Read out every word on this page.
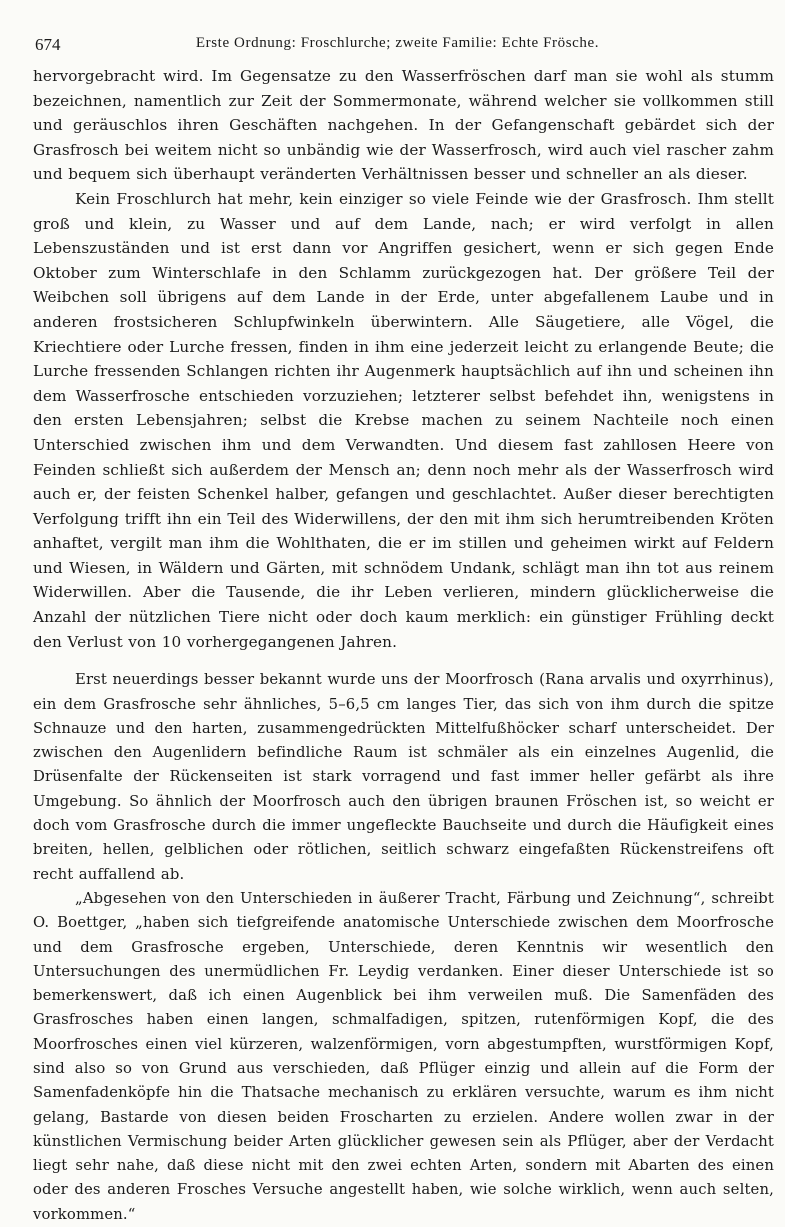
674	Erste Ordnung: Froschlurche; zweite Familie: Echte Frösche.

hervorgebracht wird. Im Gegensatze zu den Wasserfröschen darf man sie wohl als stumm bezeichnen, namentlich zur Zeit der Sommermonate, während welcher sie vollkommen still und geräuschlos ihren Geschäften nachgehen. In der Gefangenschaft gebärdet sich der Grasfrosch bei weitem nicht so unbändig wie der Wasserfrosch, wird auch viel rascher zahm und bequem sich überhaupt veränderten Verhältnissen besser und schneller an als dieser.

Kein Froschlurch hat mehr, kein einziger so viele Feinde wie der Grasfrosch. Ihm stellt groß und klein, zu Wasser und auf dem Lande, nach; er wird verfolgt in allen Lebenszuständen und ist erst dann vor Angriffen gesichert, wenn er sich gegen Ende Oktober zum Winterschlafe in den Schlamm zurückgezogen hat. Der größere Teil der Weibchen soll übrigens auf dem Lande in der Erde, unter abgefallenem Laube und in anderen frostsicheren Schlupfwinkeln überwintern. Alle Säugetiere, alle Vögel, die Kriechtiere oder Lurche fressen, finden in ihm eine jederzeit leicht zu erlangende Beute; die Lurche fressenden Schlangen richten ihr Augenmerk hauptsächlich auf ihn und scheinen ihn dem Wasserfrosche entschieden vorzuziehen; letzterer selbst befehdet ihn, wenigstens in den ersten Lebensjahren; selbst die Krebse machen zu seinem Nachteile noch einen Unterschied zwischen ihm und dem Verwandten. Und diesem fast zahllosen Heere von Feinden schließt sich außerdem der Mensch an; denn noch mehr als der Wasserfrosch wird auch er, der feisten Schenkel halber, gefangen und geschlachtet. Außer dieser berechtigten Verfolgung trifft ihn ein Teil des Widerwillens, der den mit ihm sich herumtreibenden Kröten anhaftet, vergilt man ihm die Wohlthaten, die er im stillen und geheimen wirkt auf Feldern und Wiesen, in Wäldern und Gärten, mit schnödem Undank, schlägt man ihn tot aus reinem Widerwillen. Aber die Tausende, die ihr Leben verlieren, mindern glücklicherweise die Anzahl der nützlichen Tiere nicht oder doch kaum merklich: ein günstiger Frühling deckt den Verlust von 10 vorhergegangenen Jahren.

Erst neuerdings besser bekannt wurde uns der Moorfrosch (Rana arvalis und oxyrrhinus), ein dem Grasfrosche sehr ähnliches, 5–6,5 cm langes Tier, das sich von ihm durch die spitze Schnauze und den harten, zusammengedrückten Mittelfußhöcker scharf unterscheidet. Der zwischen den Augenlidern befindliche Raum ist schmäler als ein einzelnes Augenlid, die Drüsenfalte der Rückenseiten ist stark vorragend und fast immer heller gefärbt als ihre Umgebung. So ähnlich der Moorfrosch auch den übrigen braunen Fröschen ist, so weicht er doch vom Grasfrosche durch die immer ungefleckte Bauchseite und durch die Häufigkeit eines breiten, hellen, gelblichen oder rötlichen, seitlich schwarz eingefaßten Rückenstreifens oft recht auffallend ab.

„Abgesehen von den Unterschieden in äußerer Tracht, Färbung und Zeichnung“, schreibt O. Boettger, „haben sich tiefgreifende anatomische Unterschiede zwischen dem Moorfrosche und dem Grasfrosche ergeben, Unterschiede, deren Kenntnis wir wesentlich den Untersuchungen des unermüdlichen Fr. Leydig verdanken. Einer dieser Unterschiede ist so bemerkenswert, daß ich einen Augenblick bei ihm verweilen muß. Die Samenfäden des Grasfrosches haben einen langen, schmalfadigen, spitzen, rutenförmigen Kopf, die des Moorfrosches einen viel kürzeren, walzenförmigen, vorn abgestumpften, wurstförmigen Kopf, sind also so von Grund aus verschieden, daß Pflüger einzig und allein auf die Form der Samenfadenköpfe hin die Thatsache mechanisch zu erklären versuchte, warum es ihm nicht gelang, Bastarde von diesen beiden Froscharten zu erzielen. Andere wollen zwar in der künstlichen Vermischung beider Arten glücklicher gewesen sein als Pflüger, aber der Verdacht liegt sehr nahe, daß diese nicht mit den zwei echten Arten, sondern mit Abarten des einen oder des anderen Frosches Versuche angestellt haben, wie solche wirklich, wenn auch selten, vorkommen.“
